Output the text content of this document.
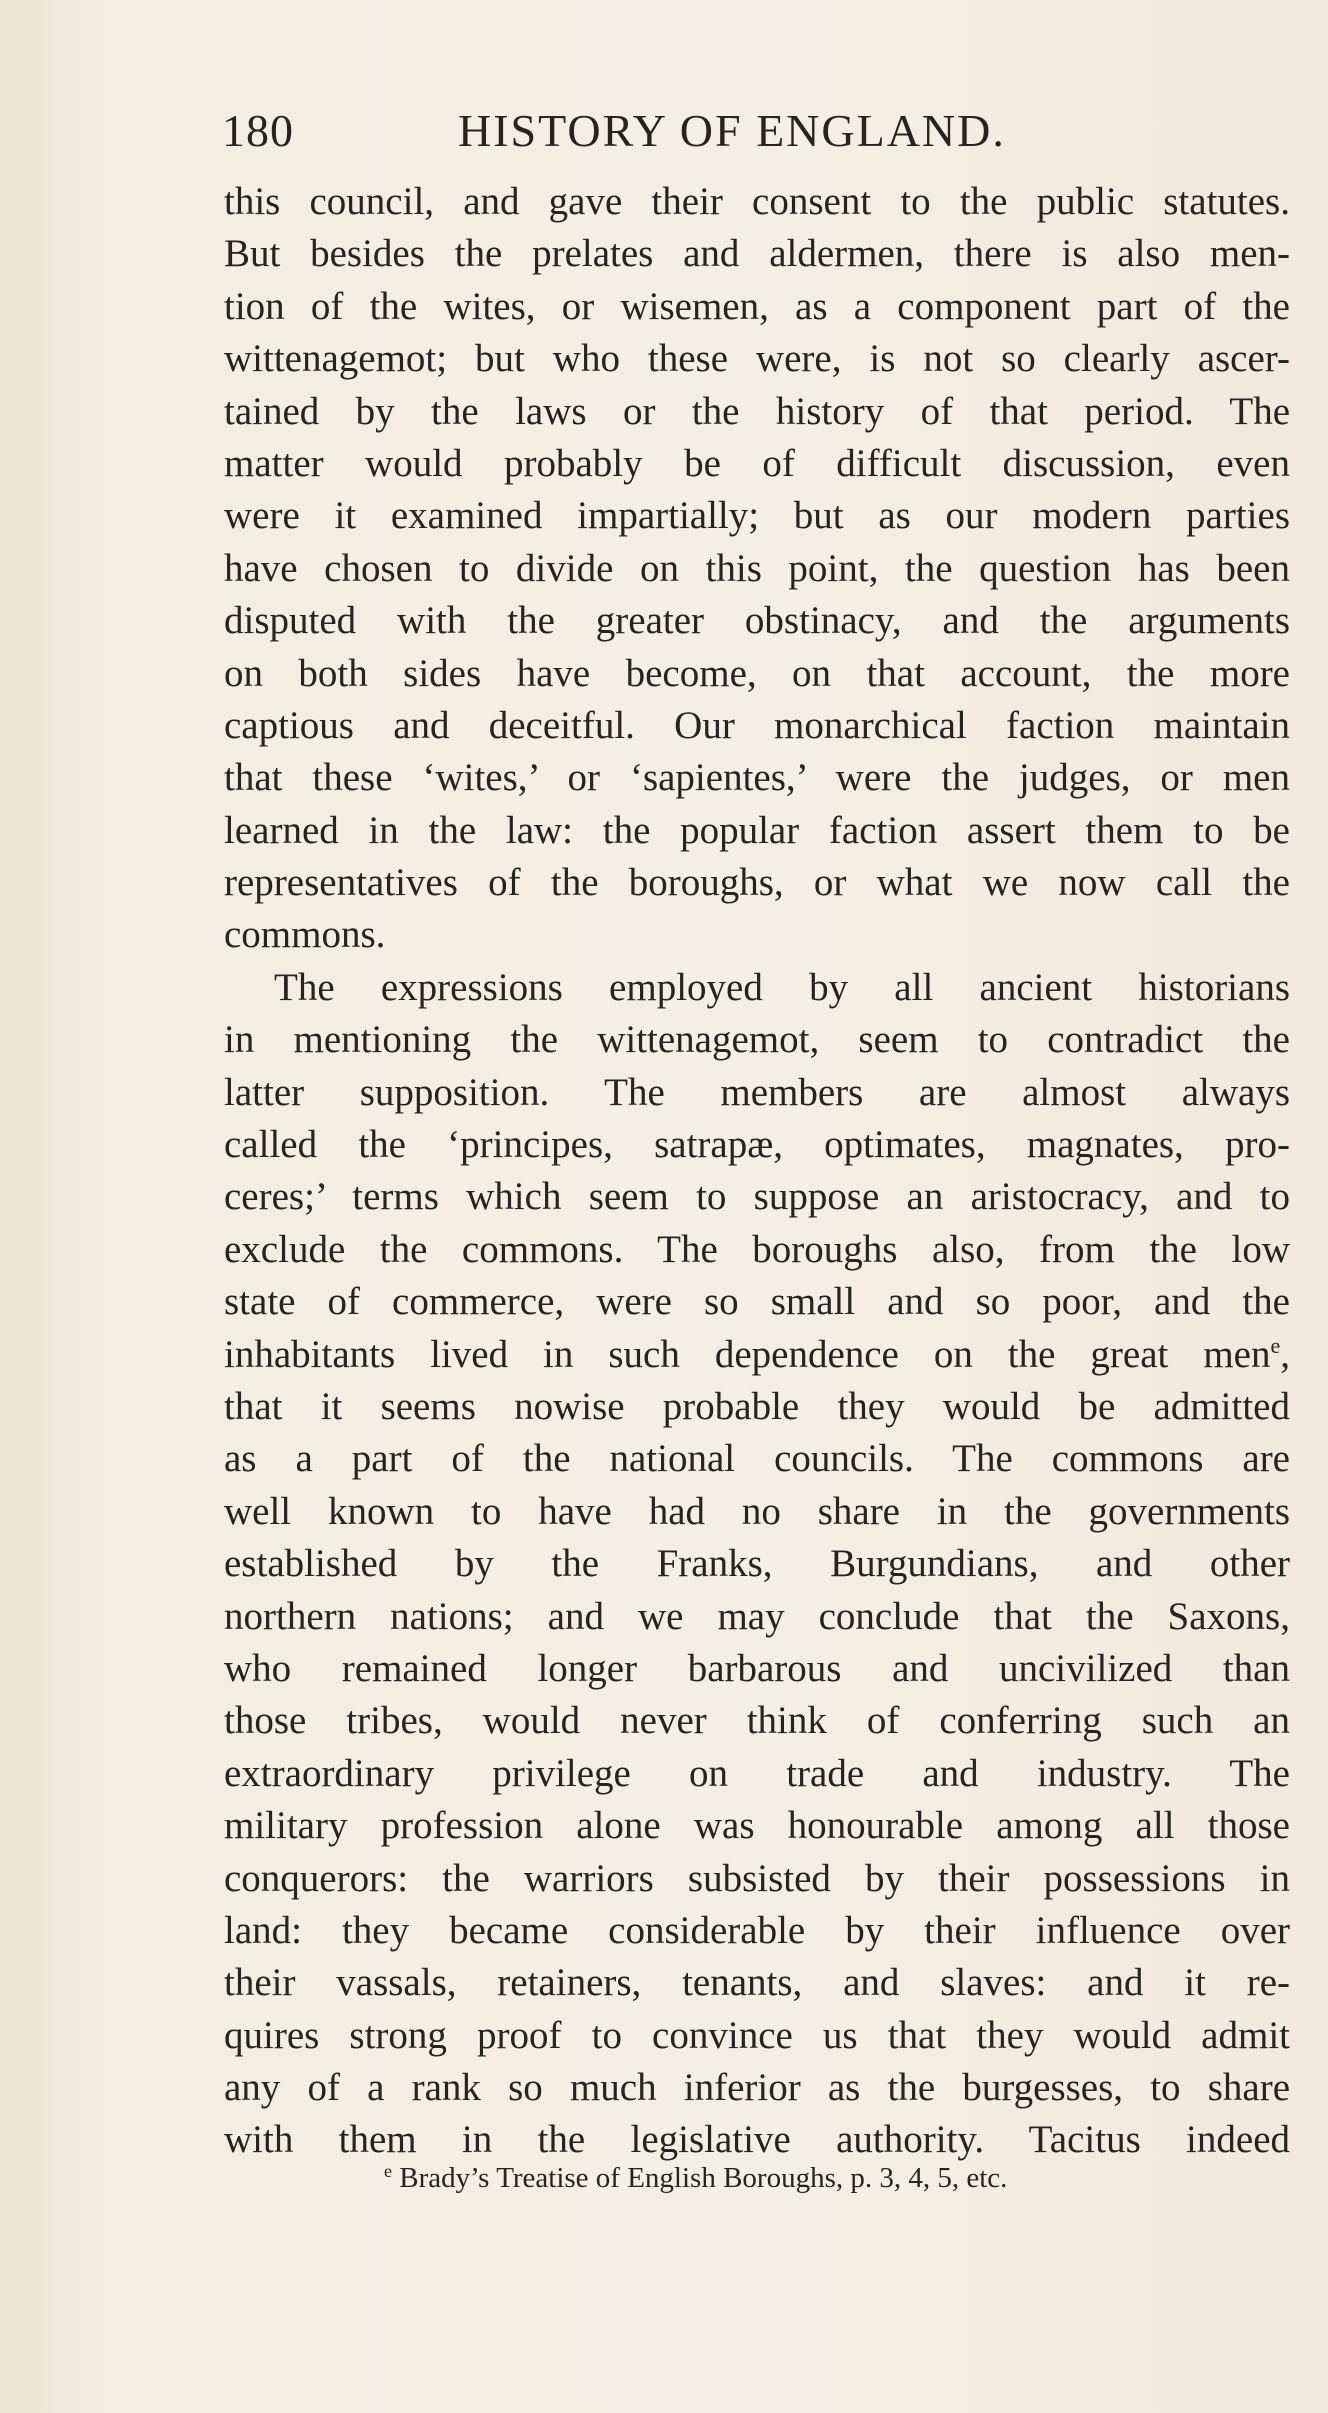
180	HISTORY OF ENGLAND.
this council, and gave their consent to the public statutes.
But besides the prelates and aldermen, there is also men-
tion of the wites, or wisemen, as a component part of the
wittenagemot; but who these were, is not so clearly ascer-
tained by the laws or the history of that period. The
matter would probably be of difficult discussion, even
were it examined impartially; but as our modern parties
have chosen to divide on this point, the question has been
disputed with the greater obstinacy, and the arguments
on both sides have become, on that account, the more
captious and deceitful. Our monarchical faction maintain
that these ‘wites,’ or ‘sapientes,’ were the judges, or men
learned in the law: the popular faction assert them to be
representatives of the boroughs, or what we now call the
commons.
The expressions employed by all ancient historians
in mentioning the wittenagemot, seem to contradict the
latter supposition. The members are almost always
called the ‘principes, satrapæ, optimates, magnates, pro-
ceres;’ terms which seem to suppose an aristocracy, and to
exclude the commons. The boroughs also, from the low
state of commerce, were so small and so poor, and the
inhabitants lived in such dependence on the great men$^e$,
that it seems nowise probable they would be admitted
as a part of the national councils. The commons are
well known to have had no share in the governments
established by the Franks, Burgundians, and other
northern nations; and we may conclude that the Saxons,
who remained longer barbarous and uncivilized than
those tribes, would never think of conferring such an
extraordinary privilege on trade and industry. The
military profession alone was honourable among all those
conquerors: the warriors subsisted by their possessions in
land: they became considerable by their influence over
their vassals, retainers, tenants, and slaves: and it re-
quires strong proof to convince us that they would admit
any of a rank so much inferior as the burgesses, to share
with them in the legislative authority. Tacitus indeed
$^e$ Brady’s Treatise of English Boroughs, p. 3, 4, 5, etc.
